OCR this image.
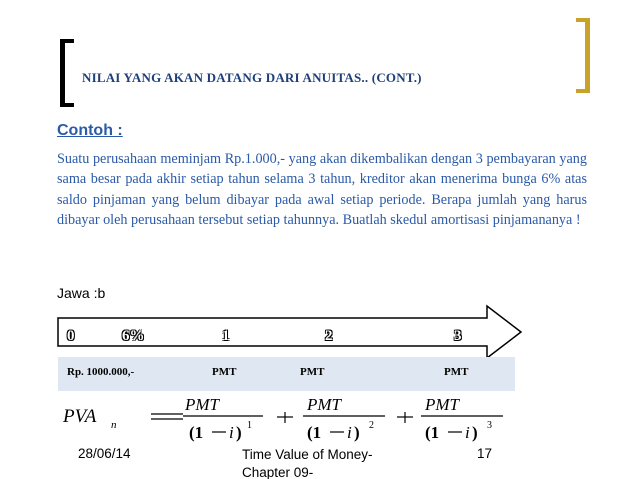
NILAI YANG AKAN DATANG DARI ANUITAS.. (CONT.)
Contoh :
Suatu perusahaan meminjam Rp.1.000,- yang akan dikembalikan dengan 3 pembayaran yang sama besar pada akhir setiap tahun selama 3 tahun, kreditor akan menerima bunga 6% atas saldo pinjaman yang belum dibayar pada awal setiap periode. Berapa jumlah yang harus dibayar oleh perusahaan tersebut setiap tahunnya. Buatlah skedul amortisasi pinjamananya !
Jawa :b
0	6%	1	2	3
Rp. 1000.000,-	PMT	PMT	PMT
PVA n
PMT
(1 i ) 1
PMT
(1 i ) 2
PMT
(1 i ) 3
28/06/14	Time Value of Money- Chapter 09-
17
